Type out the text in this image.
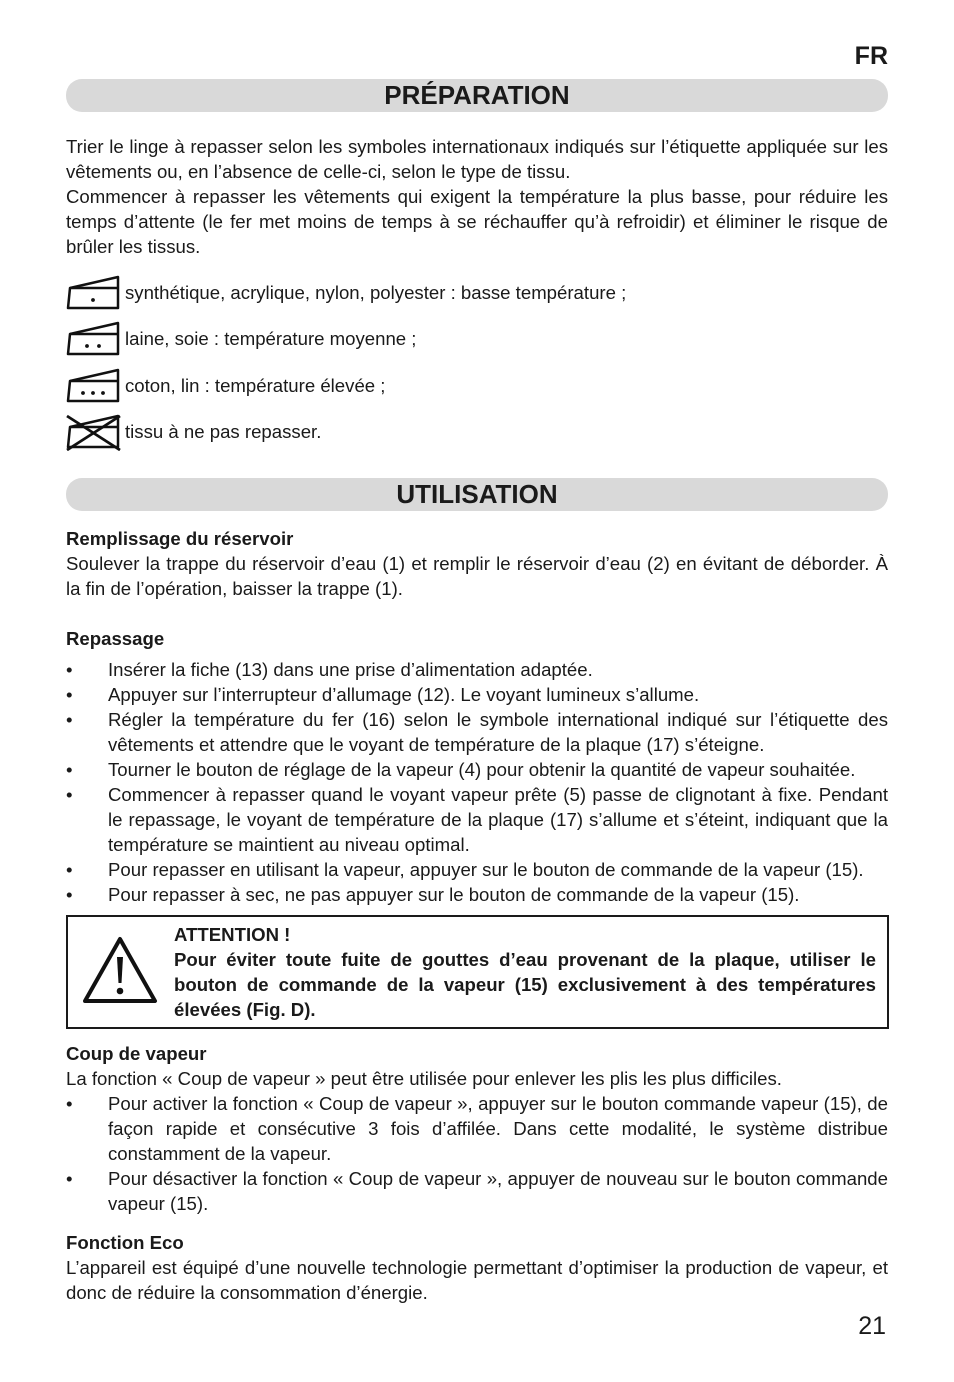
FR
PRÉPARATION

Trier le linge à repasser selon les symboles internationaux indiqués sur l’étiquette appliquée sur les vêtements ou, en l’absence de celle-ci, selon le type de tissu.

Commencer à repasser les vêtements qui exigent la température la plus basse, pour réduire les temps d’attente (le fer met moins de temps à se réchauffer qu’à refroidir) et éliminer le risque de brûler les tissus.

synthétique, acrylique, nylon, polyester : basse température ;
laine, soie : température moyenne ;
coton, lin : température élevée ;
tissu à ne pas repasser.
UTILISATION
Remplissage du réservoir

Soulever la trappe du réservoir d’eau (1) et remplir le réservoir d’eau (2) en évitant de déborder. À la fin de l’opération, baisser la trappe (1).

Repassage
• Insérer la fiche (13) dans une prise d’alimentation adaptée.
• Appuyer sur l’interrupteur d’allumage (12). Le voyant lumineux s’allume.
• Régler la température du fer (16) selon le symbole international indiqué sur l’étiquette des vêtements et attendre que le voyant de température de la plaque (17) s’éteigne.
• Tourner le bouton de réglage de la vapeur (4) pour obtenir la quantité de vapeur souhaitée.
• Commencer à repasser quand le voyant vapeur prête (5) passe de clignotant à fixe. Pendant le repassage, le voyant de température de la plaque (17) s’allume et s’éteint, indiquant que la température se maintient au niveau optimal.
• Pour repasser en utilisant la vapeur, appuyer sur le bouton de commande de la vapeur (15).
• Pour repasser à sec, ne pas appuyer sur le bouton de commande de la vapeur (15).
ATTENTION !
Pour éviter toute fuite de gouttes d’eau provenant de la plaque, utiliser le bouton de commande de la vapeur (15) exclusivement à des températures élevées (Fig. D).
Coup de vapeur

La fonction « Coup de vapeur » peut être utilisée pour enlever les plis les plus difficiles.

• Pour activer la fonction « Coup de vapeur », appuyer sur le bouton commande vapeur (15), de façon rapide et consécutive 3 fois d’affilée. Dans cette modalité, le système distribue constamment de la vapeur.
• Pour désactiver la fonction « Coup de vapeur », appuyer de nouveau sur le bouton commande vapeur (15).
Fonction Eco

L’appareil est équipé d’une nouvelle technologie permettant d’optimiser la production de vapeur, et donc de réduire la consommation d’énergie.

21
